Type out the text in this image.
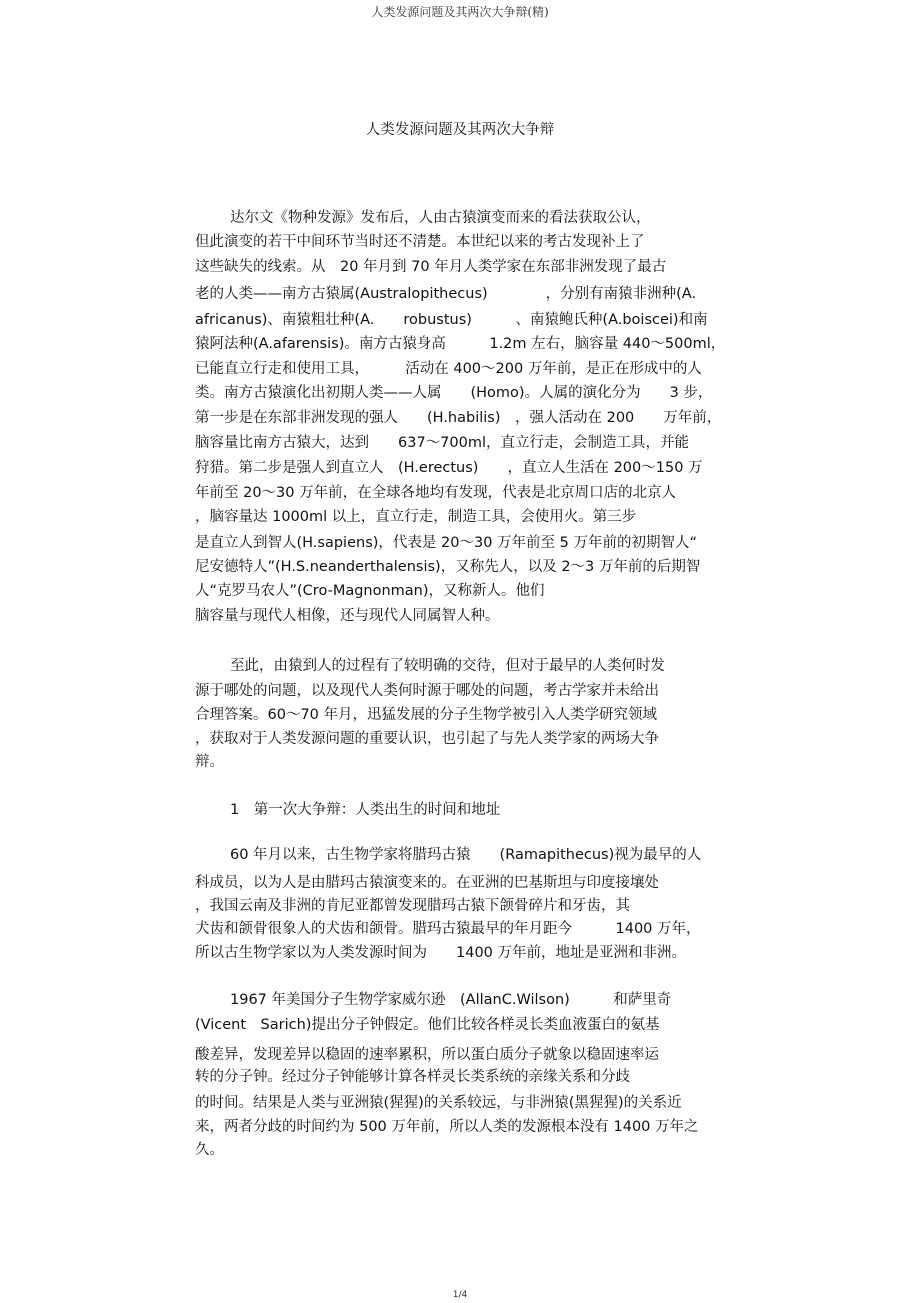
人类发源问题及其两次大争辩(精)
人类发源问题及其两次大争辩
达尔文《物种发源》发布后，人由古猿演变而来的看法获取公认，
但此演变的若干中间环节当时还不清楚。本世纪以来的考古发现补上了
这些缺失的线索。从　20 年月到 70 年月人类学家在东部非洲发现了最古
老的人类——南方古猿属(Australopithecus)　　　　，分别有南猿非洲种(A.
africanus)、南猿粗壮种(A.　　robustus)　　　、南猿鲍氏种(A.boiscei)和南
猿阿法种(A.afarensis)。南方古猿身高　　　1.2m 左右，脑容量 440～500ml，
已能直立行走和使用工具，　　　活动在 400～200 万年前，是正在形成中的人
类。南方古猿演化出初期人类——人属　　(Homo)。人属的演化分为　　3 步，
第一步是在东部非洲发现的强人　　(H.habilis)　，强人活动在 200　　万年前，
脑容量比南方古猿大，达到　　637～700ml，直立行走，会制造工具，并能
狩猎。第二步是强人到直立人　(H.erectus)　　，直立人生活在 200～150 万
年前至 20～30 万年前，在全球各地均有发现，代表是北京周口店的北京人
，脑容量达 1000ml 以上，直立行走，制造工具，会使用火。第三步
是直立人到智人(H.sapiens)，代表是 20～30 万年前至 5 万年前的初期智人“
尼安德特人”(H.S.neanderthalensis)，又称先人，以及 2～3 万年前的后期智
人“克罗马农人”(Cro-Magnonman)，又称新人。他们
脑容量与现代人相像，还与现代人同属智人种。
至此，由猿到人的过程有了较明确的交待，但对于最早的人类何时发
源于哪处的问题，以及现代人类何时源于哪处的问题，考古学家并未给出
合理答案。60～70 年月，迅猛发展的分子生物学被引入人类学研究领域
，获取对于人类发源问题的重要认识，也引起了与先人类学家的两场大争
辩。
1　第一次大争辩：人类出生的时间和地址
60 年月以来，古生物学家将腊玛古猿　　(Ramapithecus)视为最早的人
科成员，以为人是由腊玛古猿演变来的。在亚洲的巴基斯坦与印度接壤处
，我国云南及非洲的肯尼亚都曾发现腊玛古猿下颌骨碎片和牙齿，其
犬齿和颌骨很象人的犬齿和颌骨。腊玛古猿最早的年月距今　　　1400 万年，
所以古生物学家以为人类发源时间为　　1400 万年前，地址是亚洲和非洲。
1967 年美国分子生物学家威尔逊　(AllanC.Wilson)　　　和萨里奇
(Vicent　Sarich)提出分子钟假定。他们比较各样灵长类血液蛋白的氨基
酸差异，发现差异以稳固的速率累积，所以蛋白质分子就象以稳固速率运
转的分子钟。经过分子钟能够计算各样灵长类系统的亲缘关系和分歧
的时间。结果是人类与亚洲猿(猩猩)的关系较远，与非洲猿(黑猩猩)的关系近
来，两者分歧的时间约为 500 万年前，所以人类的发源根本没有 1400 万年之
久。
1/4
